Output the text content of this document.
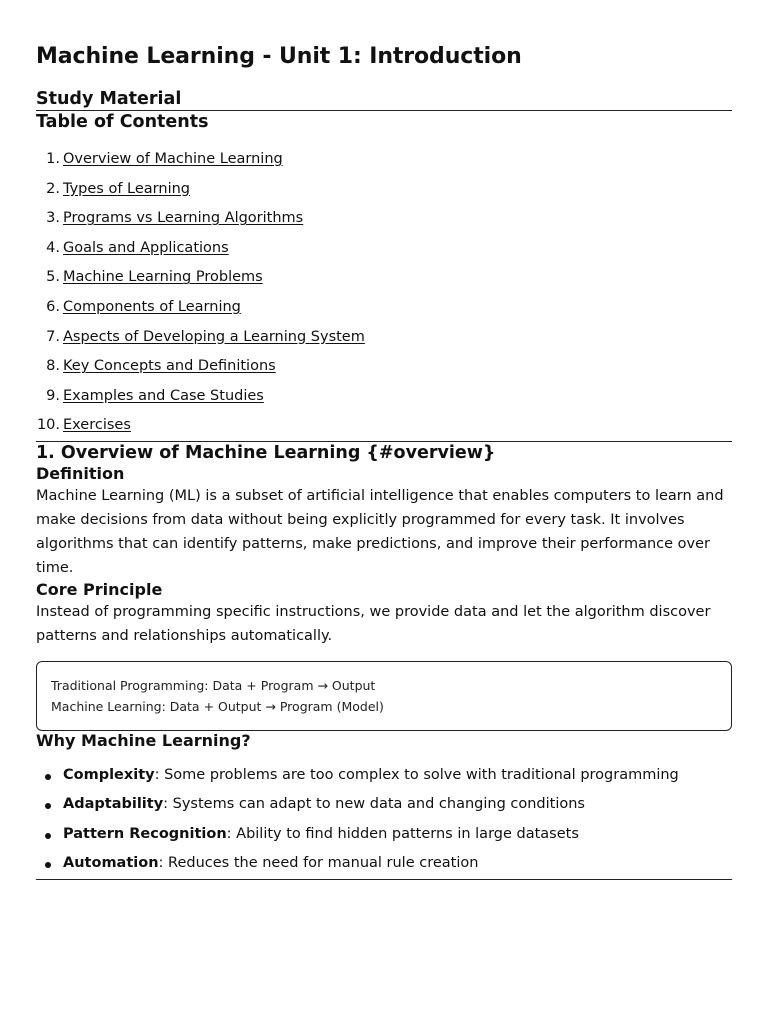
Machine Learning - Unit 1: Introduction
Study Material
Table of Contents
1. Overview of Machine Learning
2. Types of Learning
3. Programs vs Learning Algorithms
4. Goals and Applications
5. Machine Learning Problems
6. Components of Learning
7. Aspects of Developing a Learning System
8. Key Concepts and Definitions
9. Examples and Case Studies
10. Exercises
1. Overview of Machine Learning {#overview}
Definition

Machine Learning (ML) is a subset of artificial intelligence that enables computers to learn and make decisions from data without being explicitly programmed for every task. It involves algorithms that can identify patterns, make predictions, and improve their performance over time.

Core Principle

Instead of programming specific instructions, we provide data and let the algorithm discover patterns and relationships automatically.

Traditional Programming: Data + Program → Output
Machine Learning: Data + Output → Program (Model)
Why Machine Learning?
Complexity: Some problems are too complex to solve with traditional programming
Adaptability: Systems can adapt to new data and changing conditions
Pattern Recognition: Ability to find hidden patterns in large datasets
Automation: Reduces the need for manual rule creation
